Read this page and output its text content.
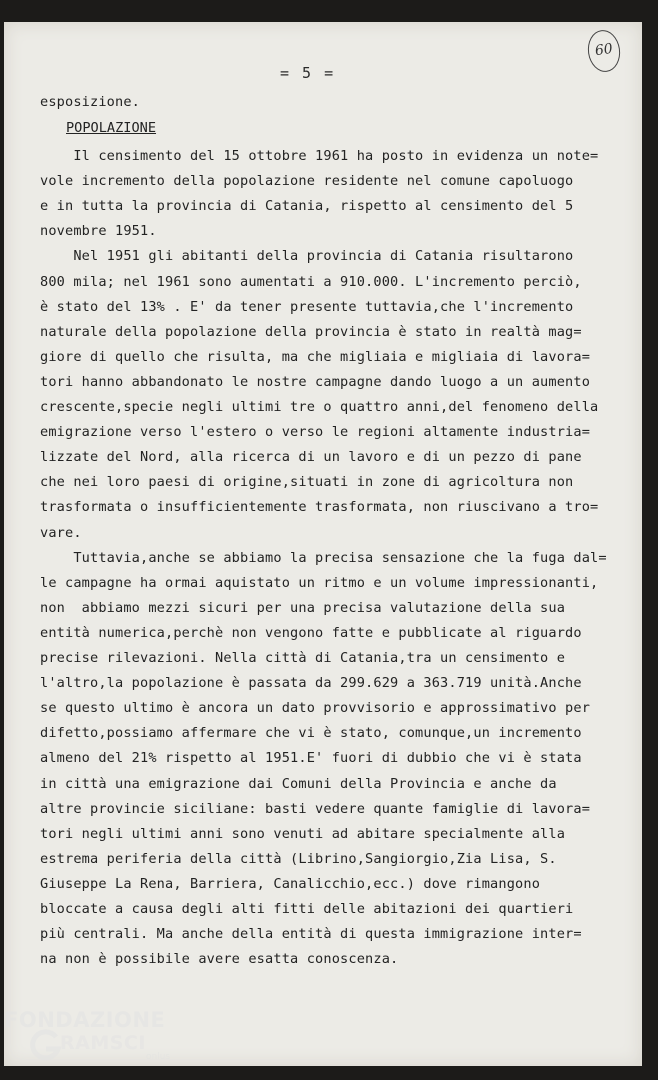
60
= 5 =
POPOLAZIONE
esposizione.
Il censimento del 15 ottobre 1961 ha posto in evidenza un note=
vole incremento della popolazione residente nel comune capoluogo
e in tutta la provincia di Catania, rispetto al censimento del 5
novembre 1951.
Nel 1951 gli abitanti della provincia di Catania risultarono
800 mila; nel 1961 sono aumentati a 910.000. L'incremento perciò,
è stato del 13% . E' da tener presente tuttavia,che l'incremento
naturale della popolazione della provincia è stato in realtà mag=
giore di quello che risulta, ma che migliaia e migliaia di lavora=
tori hanno abbandonato le nostre campagne dando luogo a un aumento
crescente,specie negli ultimi tre o quattro anni,del fenomeno della
emigrazione verso l'estero o verso le regioni altamente industria=
lizzate del Nord, alla ricerca di un lavoro e di un pezzo di pane
che nei loro paesi di origine,situati in zone di agricoltura non
trasformata o insufficientemente trasformata, non riuscivano a tro=
vare.
Tuttavia,anche se abbiamo la precisa sensazione che la fuga dal=
le campagne ha ormai aquistato un ritmo e un volume impressionanti,
non  abbiamo mezzi sicuri per una precisa valutazione della sua
entità numerica,perchè non vengono fatte e pubblicate al riguardo
precise rilevazioni. Nella città di Catania,tra un censimento e
l'altro,la popolazione è passata da 299.629 a 363.719 unità.Anche
se questo ultimo è ancora un dato provvisorio e approssimativo per
difetto,possiamo affermare che vi è stato, comunque,un incremento
almeno del 21% rispetto al 1951.E' fuori di dubbio che vi è stata
in città una emigrazione dai Comuni della Provincia e anche da
altre provincie siciliane: basti vedere quante famiglie di lavora=
tori negli ultimi anni sono venuti ad abitare specialmente alla
estrema periferia della città (Librino,Sangiorgio,Zia Lisa, S.
Giuseppe La Rena, Barriera, Canalicchio,ecc.) dove rimangono
bloccate a causa degli alti fitti delle abitazioni dei quartieri
più centrali. Ma anche della entità di questa immigrazione inter=
na non è possibile avere esatta conoscenza.
FONDAZIONE
RAMSCI
onlus
